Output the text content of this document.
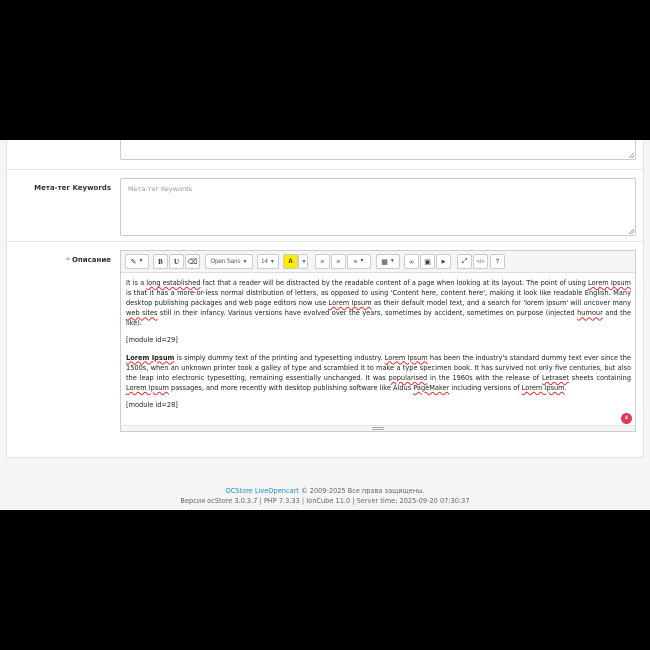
Мета-тег Keywords	Мета-тег Keywords
* Описание	✎ ▼ B U ⌫ Open Sans ▼ 14 ▼ A ▼ ≡ ≡ ≡ ▼ ▦ ▼ ∞ ▣ ▶ ⤢ </> ?

It is a long established fact that a reader will be distracted by the readable content of a page when looking at its layout. The point of using Lorem Ipsum is that it has a more-or-less normal distribution of letters, as opposed to using 'Content here, content here', making it look like readable English. Many desktop publishing packages and web page editors now use Lorem Ipsum as their default model text, and a search for 'lorem ipsum' will uncover many web sites still in their infancy. Various versions have evolved over the years, sometimes by accident, sometimes on purpose (injected humour and the like).

[module id=29]

Lorem Ipsum is simply dummy text of the printing and typesetting industry. Lorem Ipsum has been the industry's standard dummy text ever since the 1500s, when an unknown printer took a galley of type and scrambled it to make a type specimen book. It has survived not only five centuries, but also the leap into electronic typesetting, remaining essentially unchanged. It was popularised in the 1960s with the release of Letraset sheets containing Lorem Ipsum passages, and more recently with desktop publishing software like Aldus PageMaker including versions of Lorem Ipsum.

[module id=28]

4
OCStore LiveOpencart © 2009-2025 Все права защищены.
Версия ocStore 3.0.3.7 | PHP 7.3.33 | IonCube 11.0 | Server time: 2025-09-20 07:30:37
